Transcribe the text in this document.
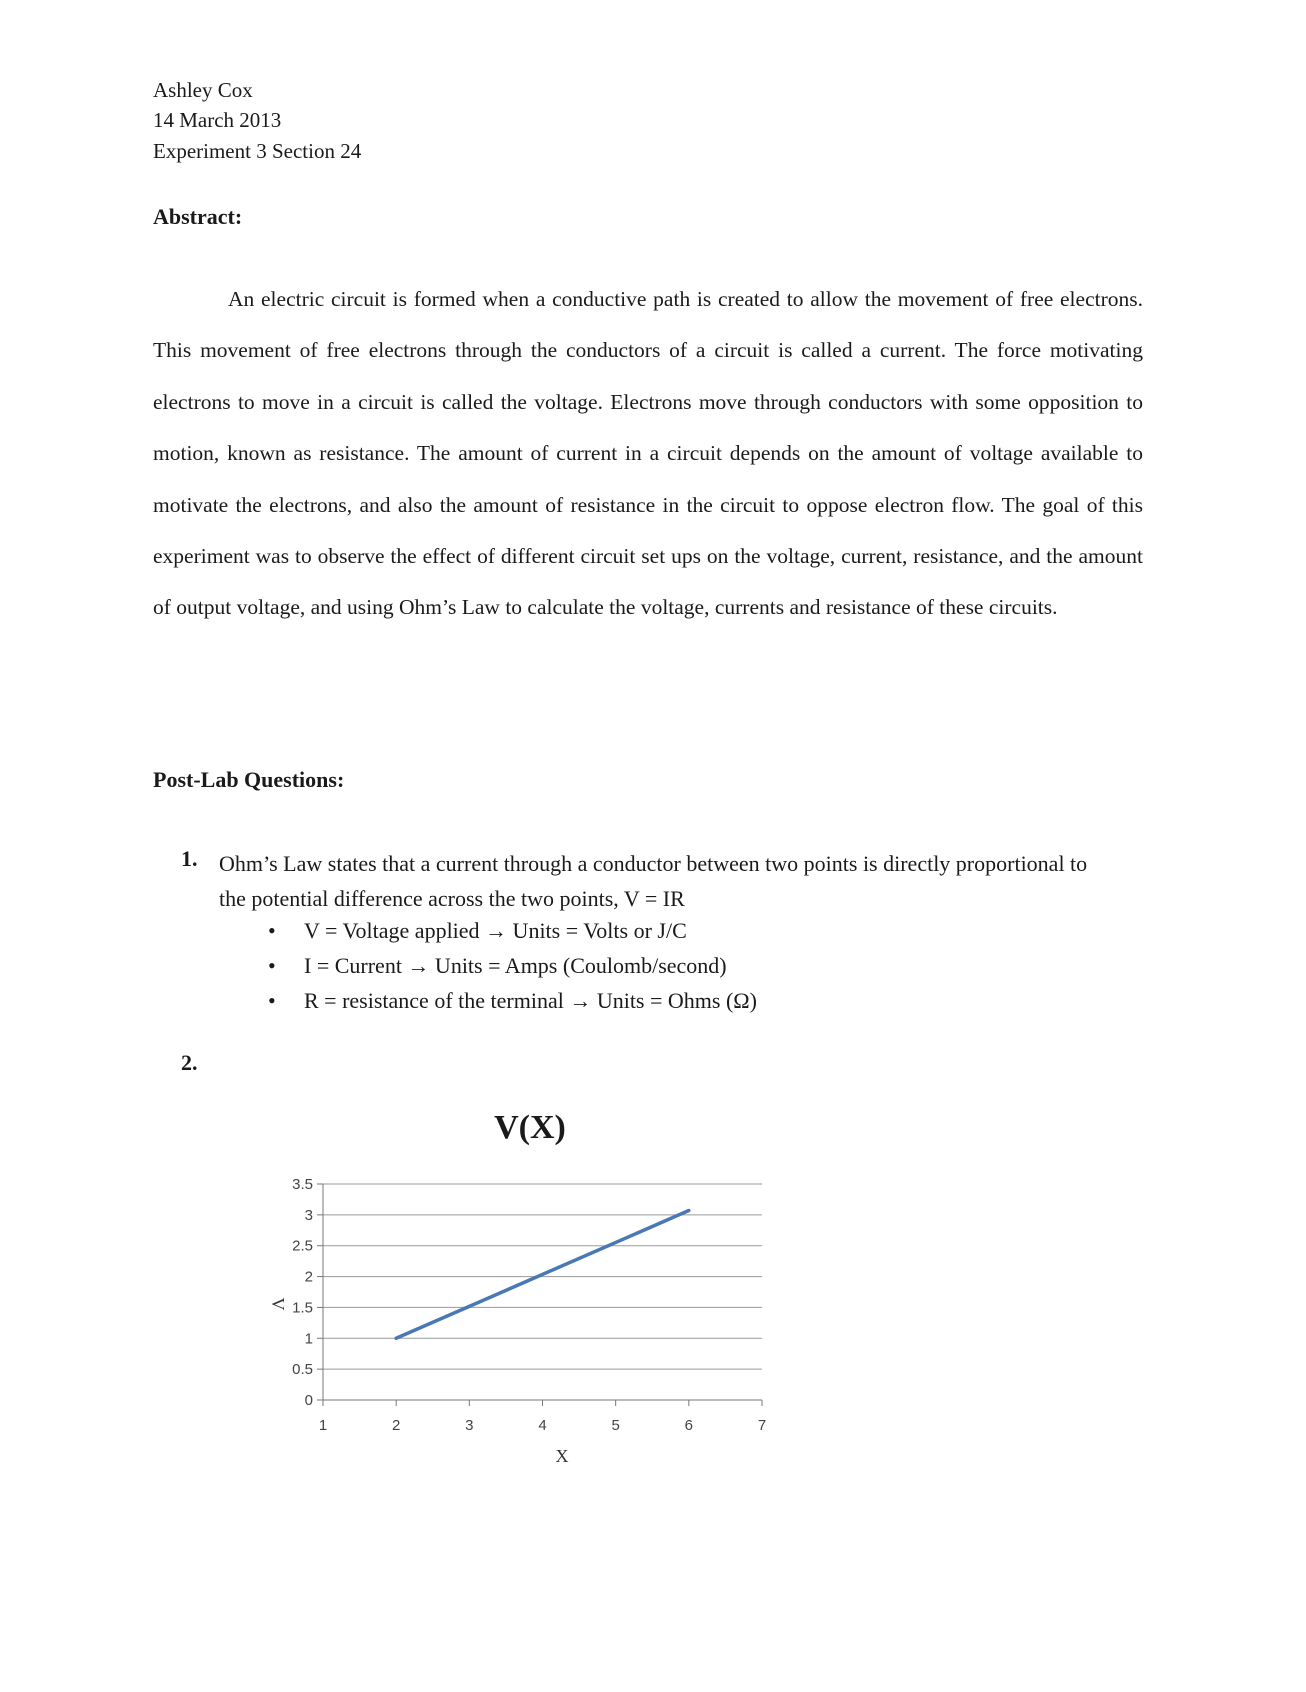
Ashley Cox
14 March 2013
Experiment 3 Section 24
Abstract:

An electric circuit is formed when a conductive path is created to allow the movement of free electrons. This movement of free electrons through the conductors of a circuit is called a current. The force motivating electrons to move in a circuit is called the voltage. Electrons move through conductors with some opposition to motion, known as resistance. The amount of current in a circuit depends on the amount of voltage available to motivate the electrons, and also the amount of resistance in the circuit to oppose electron flow. The goal of this experiment was to observe the effect of different circuit set ups on the voltage, current, resistance, and the amount of output voltage, and using Ohm’s Law to calculate the voltage, currents and resistance of these circuits.

Post-Lab Questions:
1. Ohm’s Law states that a current through a conductor between two points is directly proportional to the potential difference across the two points, V = IR
• V = Voltage applied → Units = Volts or J/C
• I = Current → Units = Amps (Coulomb/second)
• R = resistance of the terminal → Units = Ohms (Ω)
2.
V(X)
0
0.5
1
1.5
2
2.5
3
3.5
1	2	3	4	5	6	7
V
X
